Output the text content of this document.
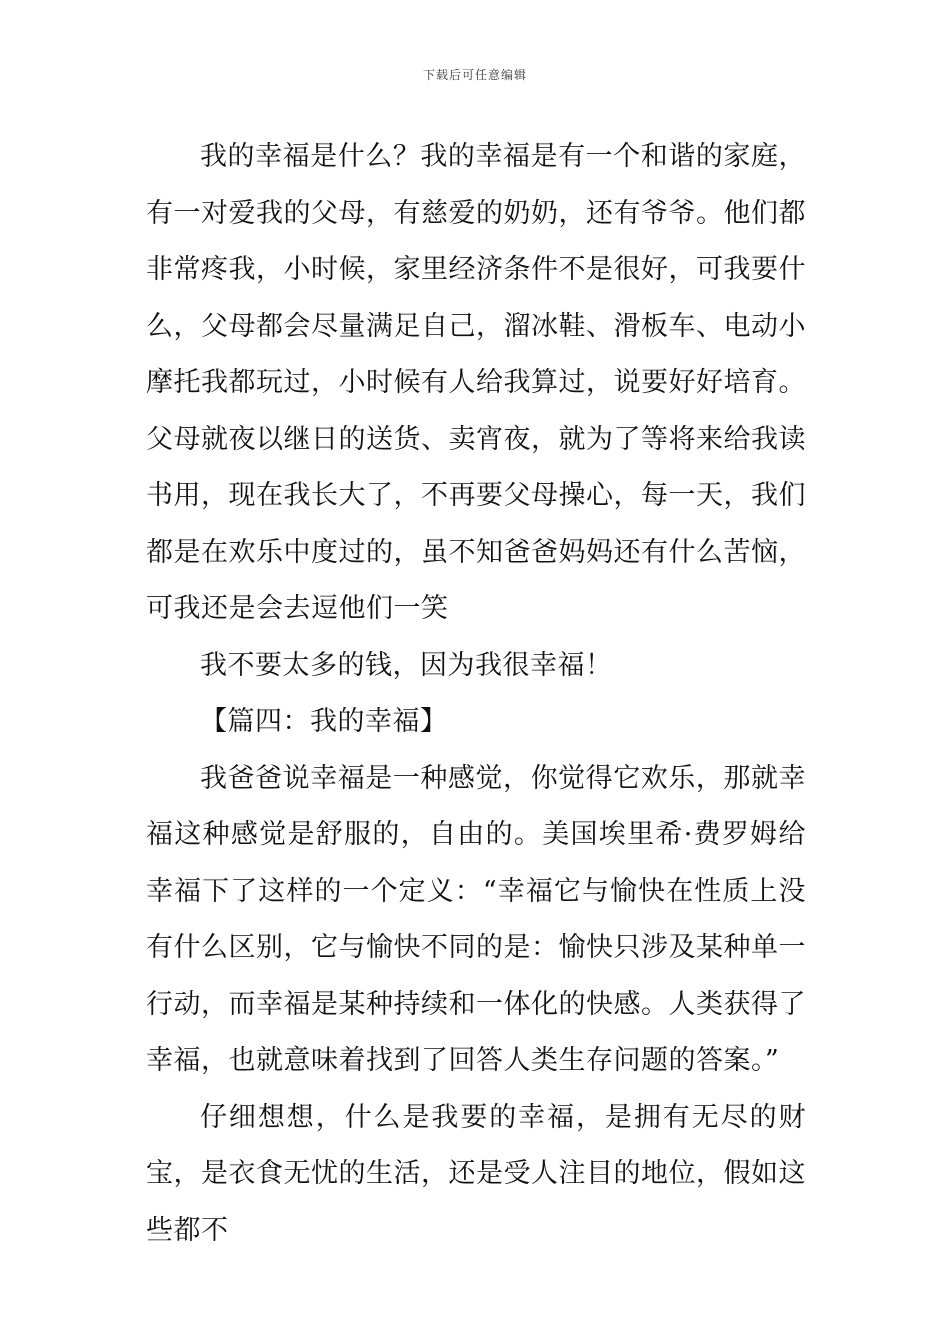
下载后可任意编辑

我的幸福是什么？我的幸福是有一个和谐的家庭，有一对爱我的父母，有慈爱的奶奶，还有爷爷。他们都非常疼我，小时候，家里经济条件不是很好，可我要什么，父母都会尽量满足自己，溜冰鞋、滑板车、电动小摩托我都玩过，小时候有人给我算过，说要好好培育。父母就夜以继日的送货、卖宵夜，就为了等将来给我读书用，现在我长大了，不再要父母操心，每一天，我们都是在欢乐中度过的，虽不知爸爸妈妈还有什么苦恼，可我还是会去逗他们一笑

我不要太多的钱，因为我很幸福！

【篇四：我的幸福】

我爸爸说幸福是一种感觉，你觉得它欢乐，那就幸福这种感觉是舒服的，自由的。美国埃里希·费罗姆给幸福下了这样的一个定义：“幸福它与愉快在性质上没有什么区别，它与愉快不同的是：愉快只涉及某种单一行动，而幸福是某种持续和一体化的快感。人类获得了幸福，也就意味着找到了回答人类生存问题的答案。”

仔细想想，什么是我要的幸福，是拥有无尽的财宝，是衣食无忧的生活，还是受人注目的地位，假如这些都不
